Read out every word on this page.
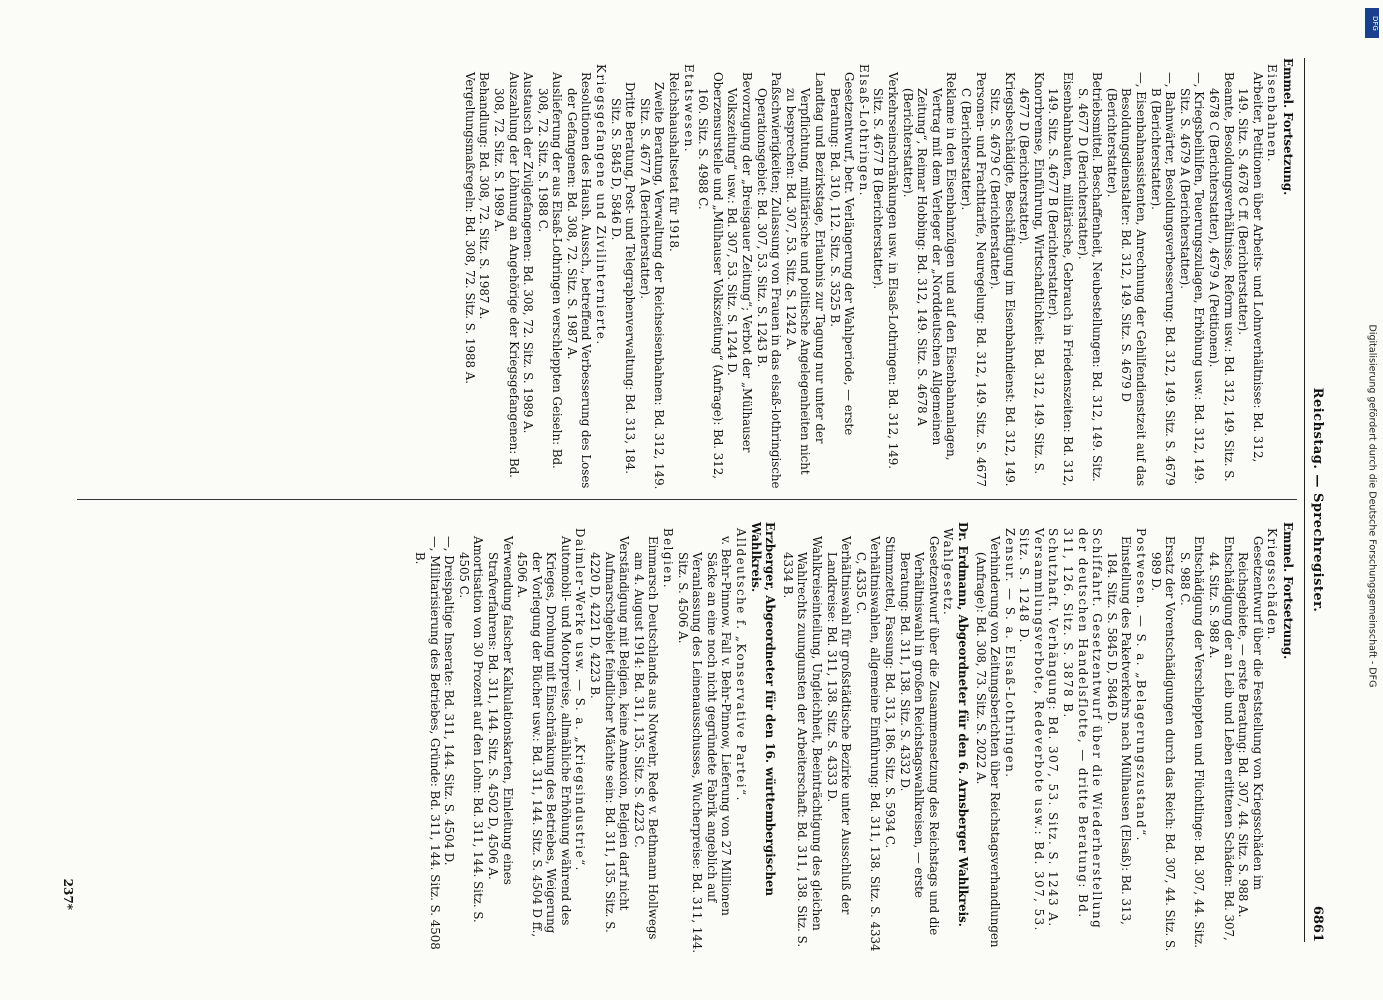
Reichstag. — Sprechregister.
6861
Emmel. Fortsetzung.
Eisenbahnen.
Arbeiter, Petitionen über Arbeits- und Lohnverhältnisse: Bd. 312, 149. Sitz. S. 4678 C ff. (Berichterstatter).
Beamte, Besoldungsverhältnisse, Reform usw.: Bd. 312, 149. Sitz. S. 4678 C (Berichterstatter), 4679 A (Petitionen).
—, Kriegsbeihilfen, Teuerungszulagen, Erhöhung usw.: Bd. 312, 149. Sitz. S. 4679 A (Berichterstatter).
—, Bahnwärter, Besoldungsverbesserung: Bd. 312, 149. Sitz. S. 4679 B (Berichterstatter).
—, Eisenbahnassistenten, Anrechnung der Gehilfendienstzeit auf das Besoldungsdienstalter: Bd. 312, 149. Sitz. S. 4679 D (Berichterstatter).
Betriebsmittel. Beschaffenheit, Neubestellungen: Bd. 312, 149. Sitz. S. 4677 D (Berichterstatter).
Eisenbahnbauten, militärische, Gebrauch in Friedenszeiten: Bd. 312, 149. Sitz. S. 4677 B (Berichterstatter).
Knorrbremse, Einführung, Wirtschaftlichkeit: Bd. 312, 149. Sitz. S. 4677 D (Berichterstatter).
Kriegsbeschädigte, Beschäftigung im Eisenbahndienst: Bd. 312, 149. Sitz. S. 4679 C (Berichterstatter).
Personen- und Frachttarife, Neuregelung: Bd. 312, 149. Sitz. S. 4677 C (Berichterstatter).
Reklame in den Eisenbahnzügen und auf den Eisenbahnanlagen, Vertrag mit dem Verleger der „Norddeutschen Allgemeinen Zeitung“, Reimar Hobbing: Bd. 312, 149. Sitz. S. 4678 A (Berichterstatter).
Verkehrseinschränkungen usw. in Elsaß-Lothringen: Bd. 312, 149. Sitz. S. 4677 B (Berichterstatter).
Elsaß-Lothringen.
Gesetzentwurf, betr. Verlängerung der Wahlperiode, — erste Beratung: Bd. 310, 112. Sitz. S. 3525 B.
Landtag und Bezirkstage, Erlaubnis zur Tagung nur unter der Verpflichtung, militärische und politische Angelegenheiten nicht zu besprechen: Bd. 307, 53. Sitz. S. 1242 A.
Paßschwierigkeiten; Zulassung von Frauen in das elsaß-lothringische Operationsgebiet: Bd. 307, 53. Sitz. S. 1243 B.
Bevorzugung der „Breisgauer Zeitung“; Verbot der „Mülhauser Volkszeitung“ usw.: Bd. 307, 53. Sitz. S. 1244 D.
Oberzensurstelle und „Mülhauser Volkszeitung“ (Anfrage): Bd. 312, 160. Sitz. S. 4988 C.
Etatswesen.
Reichshaushaltsetat für 1918.
Zweite Beratung, Verwaltung der Reichseisenbahnen: Bd. 312, 149. Sitz. S. 4677 A (Berichterstatter).
Dritte Beratung, Post- und Telegraphenverwaltung: Bd. 313, 184. Sitz. S. 5845 D, 5846 D.
Kriegsgefangene und Zivilinternierte.
Resolutionen des Haush. Aussch., betreffend Verbesserung des Loses der Gefangenen: Bd. 308, 72. Sitz. S. 1987 A.
Auslieferung der aus Elsaß-Lothringen verschleppten Geiseln: Bd. 308, 72. Sitz. S. 1988 C.
Austausch der Zivilgefangenen: Bd. 308, 72. Sitz. S. 1989 A.
Auszahlung der Löhnung an Angehörige der Kriegsgefangenen: Bd. 308, 72. Sitz. S. 1989 A.
Behandlung: Bd. 308, 72. Sitz. S. 1987 A.
Vergeltungsmaßregeln: Bd. 308, 72. Sitz. S. 1988 A.
Emmel. Fortsetzung.
Kriegsschäden.
Gesetzentwurf über die Feststellung von Kriegsschäden im Reichsgebiete, — erste Beratung: Bd. 307, 44. Sitz. S. 988 A.
Entschädigung der an Leib und Leben erlittenen Schäden: Bd. 307, 44. Sitz. S. 988 A.
Entschädigung der Verschleppten und Flüchtlinge: Bd. 307, 44. Sitz. S. 988 C.
Ersatz der Vorentschädigungen durch das Reich: Bd. 307, 44. Sitz. S. 989 D.
Postwesen. — S. a. „Belagerungszustand“.
Einstellung des Paketverkehrs nach Mülhausen (Elsaß): Bd. 313, 184. Sitz. S. 5845 D, 5846 D.
Schiffahrt. Gesetzentwurf über die Wiederherstellung der deutschen Handelsflotte, — dritte Beratung: Bd. 311, 126. Sitz. S. 3878 B.
Schutzhaft. Verhängung: Bd. 307, 53. Sitz. S. 1243 A.
Versammlungsverbote, Redeverbote usw.: Bd. 307, 53. Sitz. S. 1248 D.
Zensur. — S. a. Elsaß-Lothringen.
Verhinderung von Zeitungsberichten über Reichstagsverhandlungen (Anfrage): Bd. 308, 73. Sitz. S. 2022 A.
Dr. Erdmann, Abgeordneter für den 6. Arnsberger Wahlkreis.
Wahlgesetz.
Gesetzentwurf über die Zusammensetzung des Reichstags und die Verhältniswahl in großen Reichstagswahlkreisen, — erste Beratung: Bd. 311, 138. Sitz. S. 4332 D.
Stimmzettel, Fassung: Bd. 313, 186. Sitz. S. 5934 C.
Verhältniswahlen, allgemeine Einführung: Bd. 311, 138. Sitz. S. 4334 C, 4335 C.
Verhältniswahl für großstädtische Bezirke unter Ausschluß der Landkreise: Bd. 311, 138. Sitz. S. 4333 D.
Wahlkreiseinteilung, Ungleichheit, Beeinträchtigung des gleichen Wahlrechts zuungunsten der Arbeiterschaft: Bd. 311, 138. Sitz. S. 4334 B.
Erzberger, Abgeordneter für den 16. württembergischen Wahlkreis.
Alldeutsche f. „Konservative Partei“.
v. Behr-Pinnow. Fall v. Behr-Pinnow, Lieferung von 27 Millionen Säcke an eine noch nicht gegründete Fabrik angeblich auf Veranlassung des Leinenausschusses, Wucherpreise: Bd. 311, 144. Sitz. S. 4506 A.
Belgien.
Einmarsch Deutschlands aus Notwehr, Rede v. Bethmann Hollwegs am 4. August 1914: Bd. 311, 135. Sitz. S. 4223 C.
Verständigung mit Belgien, keine Annexion, Belgien darf nicht Aufmarschgebiet feindlicher Mächte sein: Bd. 311, 135. Sitz. S. 4220 D, 4221 D, 4223 B.
Daimler-Werke usw. — S. a. „Kriegsindustrie“.
Automobil- und Motorpreise, allmähliche Erhöhung während des Krieges, Drohung mit Einschränkung des Betriebes, Weigerung der Vorlegung der Bücher usw.: Bd. 311, 144. Sitz. S. 4504 D ff., 4506 A.
Verwendung falscher Kalkulationskarten, Einleitung eines Strafverfahrens: Bd. 311, 144. Sitz. S. 4502 D, 4506 A.
Amortisation von 30 Prozent auf den Lohn: Bd. 311, 144. Sitz. S. 4505 C.
—, Dreispaltige Inserate: Bd. 311, 144. Sitz. S. 4504 D.
—, Militarisierung des Betriebes, Gründe: Bd. 311, 144. Sitz. S. 4508 B.
237*
Digitalisierung gefördert durch die Deutsche Forschungsgemeinschaft - DFG
DFG
